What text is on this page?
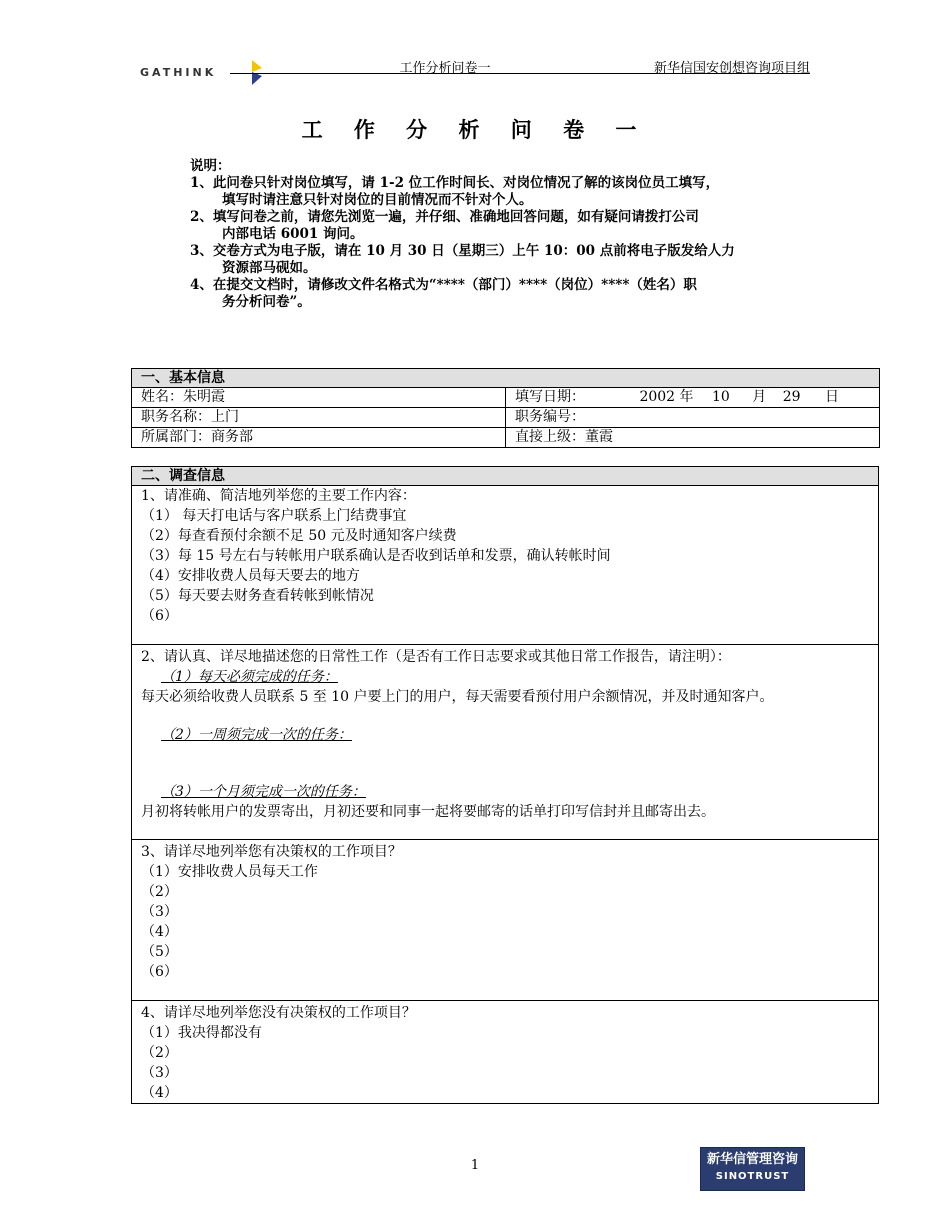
GATHINK	工作分析问卷一	新华信国安创想咨询项目组
工 作 分 析 问 卷 一

说明：

1、此问卷只针对岗位填写，请 1-2 位工作时间长、对岗位情况了解的该岗位员工填写，

填写时请注意只针对岗位的目前情况而不针对个人。

2、填写问卷之前，请您先浏览一遍，并仔细、准确地回答问题，如有疑问请拨打公司

内部电话 6001 询问。

3、交卷方式为电子版，请在 10 月 30 日（星期三）上午 10：00 点前将电子版发给人力

资源部马砚如。

4、在提交文档时，请修改文件名格式为“****（部门）****（岗位）****（姓名）职

务分析问卷”。

一、基本信息	
姓名：朱明霞	填写日期： 2002 年 10 月 29 日
职务名称：上门	职务编号：
所属部门：商务部	直接上级：董霞
二、调查信息

1、请准确、简洁地列举您的主要工作内容：

（1） 每天打电话与客户联系上门结费事宜

（2）每查看预付余额不足 50 元及时通知客户续费

（3）每 15 号左右与转帐用户联系确认是否收到话单和发票，确认转帐时间

（4）安排收费人员每天要去的地方

（5）每天要去财务查看转帐到帐情况

（6）

2、请认真、详尽地描述您的日常性工作（是否有工作日志要求或其他日常工作报告，请注明）：

（1）每天必须完成的任务：

每天必须给收费人员联系 5 至 10 户要上门的用户，每天需要看预付用户余额情况，并及时通知客户。

（2）一周须完成一次的任务：

（3）一个月须完成一次的任务：

月初将转帐用户的发票寄出，月初还要和同事一起将要邮寄的话单打印写信封并且邮寄出去。

3、请详尽地列举您有决策权的工作项目？

（1）安排收费人员每天工作

（2）

（3）

（4）

（5）

（6）

4、请详尽地列举您没有决策权的工作项目？

（1）我决得都没有

（2）

（3）

（4）

1	新华信管理咨询
SINOTRUST
